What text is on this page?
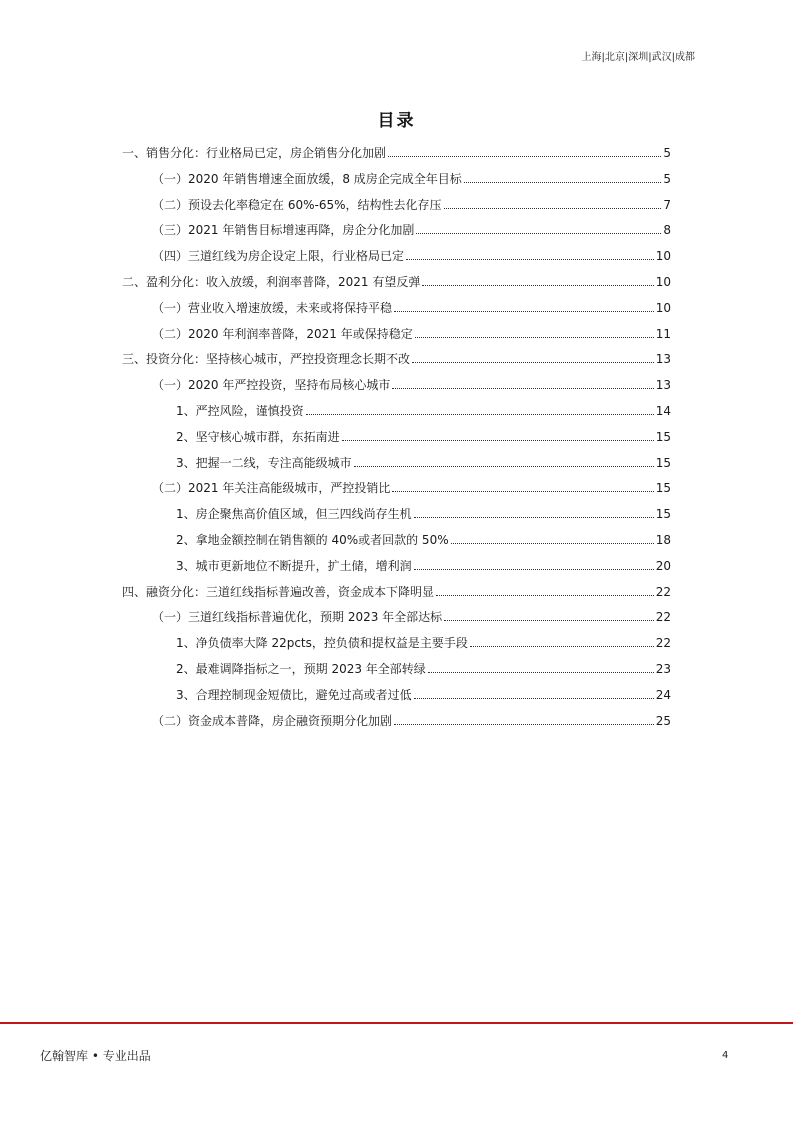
上海|北京|深圳|武汉|成都
目录
一、销售分化：行业格局已定，房企销售分化加剧	5
（一）2020 年销售增速全面放缓，8 成房企完成全年目标	5
（二）预设去化率稳定在 60%-65%，结构性去化存压	7
（三）2021 年销售目标增速再降，房企分化加剧	8
（四）三道红线为房企设定上限，行业格局已定	10
二、盈利分化：收入放缓，利润率普降，2021 有望反弹	10
（一）营业收入增速放缓，未来或将保持平稳	10
（二）2020 年利润率普降，2021 年或保持稳定	11
三、投资分化：坚持核心城市，严控投资理念长期不改	13
（一）2020 年严控投资，坚持布局核心城市	13
1、严控风险，谨慎投资	14
2、坚守核心城市群，东拓南进	15
3、把握一二线，专注高能级城市	15
（二）2021 年关注高能级城市，严控投销比	15
1、房企聚焦高价值区域，但三四线尚存生机	15
2、拿地金额控制在销售额的 40%或者回款的 50%	18
3、城市更新地位不断提升，扩土储，增利润	20
四、融资分化：三道红线指标普遍改善，资金成本下降明显	22
（一）三道红线指标普遍优化，预期 2023 年全部达标	22
1、净负债率大降 22pcts，控负债和提权益是主要手段	22
2、最难调降指标之一，预期 2023 年全部转绿	23
3、合理控制现金短债比，避免过高或者过低	24
（二）资金成本普降，房企融资预期分化加剧	25
亿翰智库 • 专业出品	4
